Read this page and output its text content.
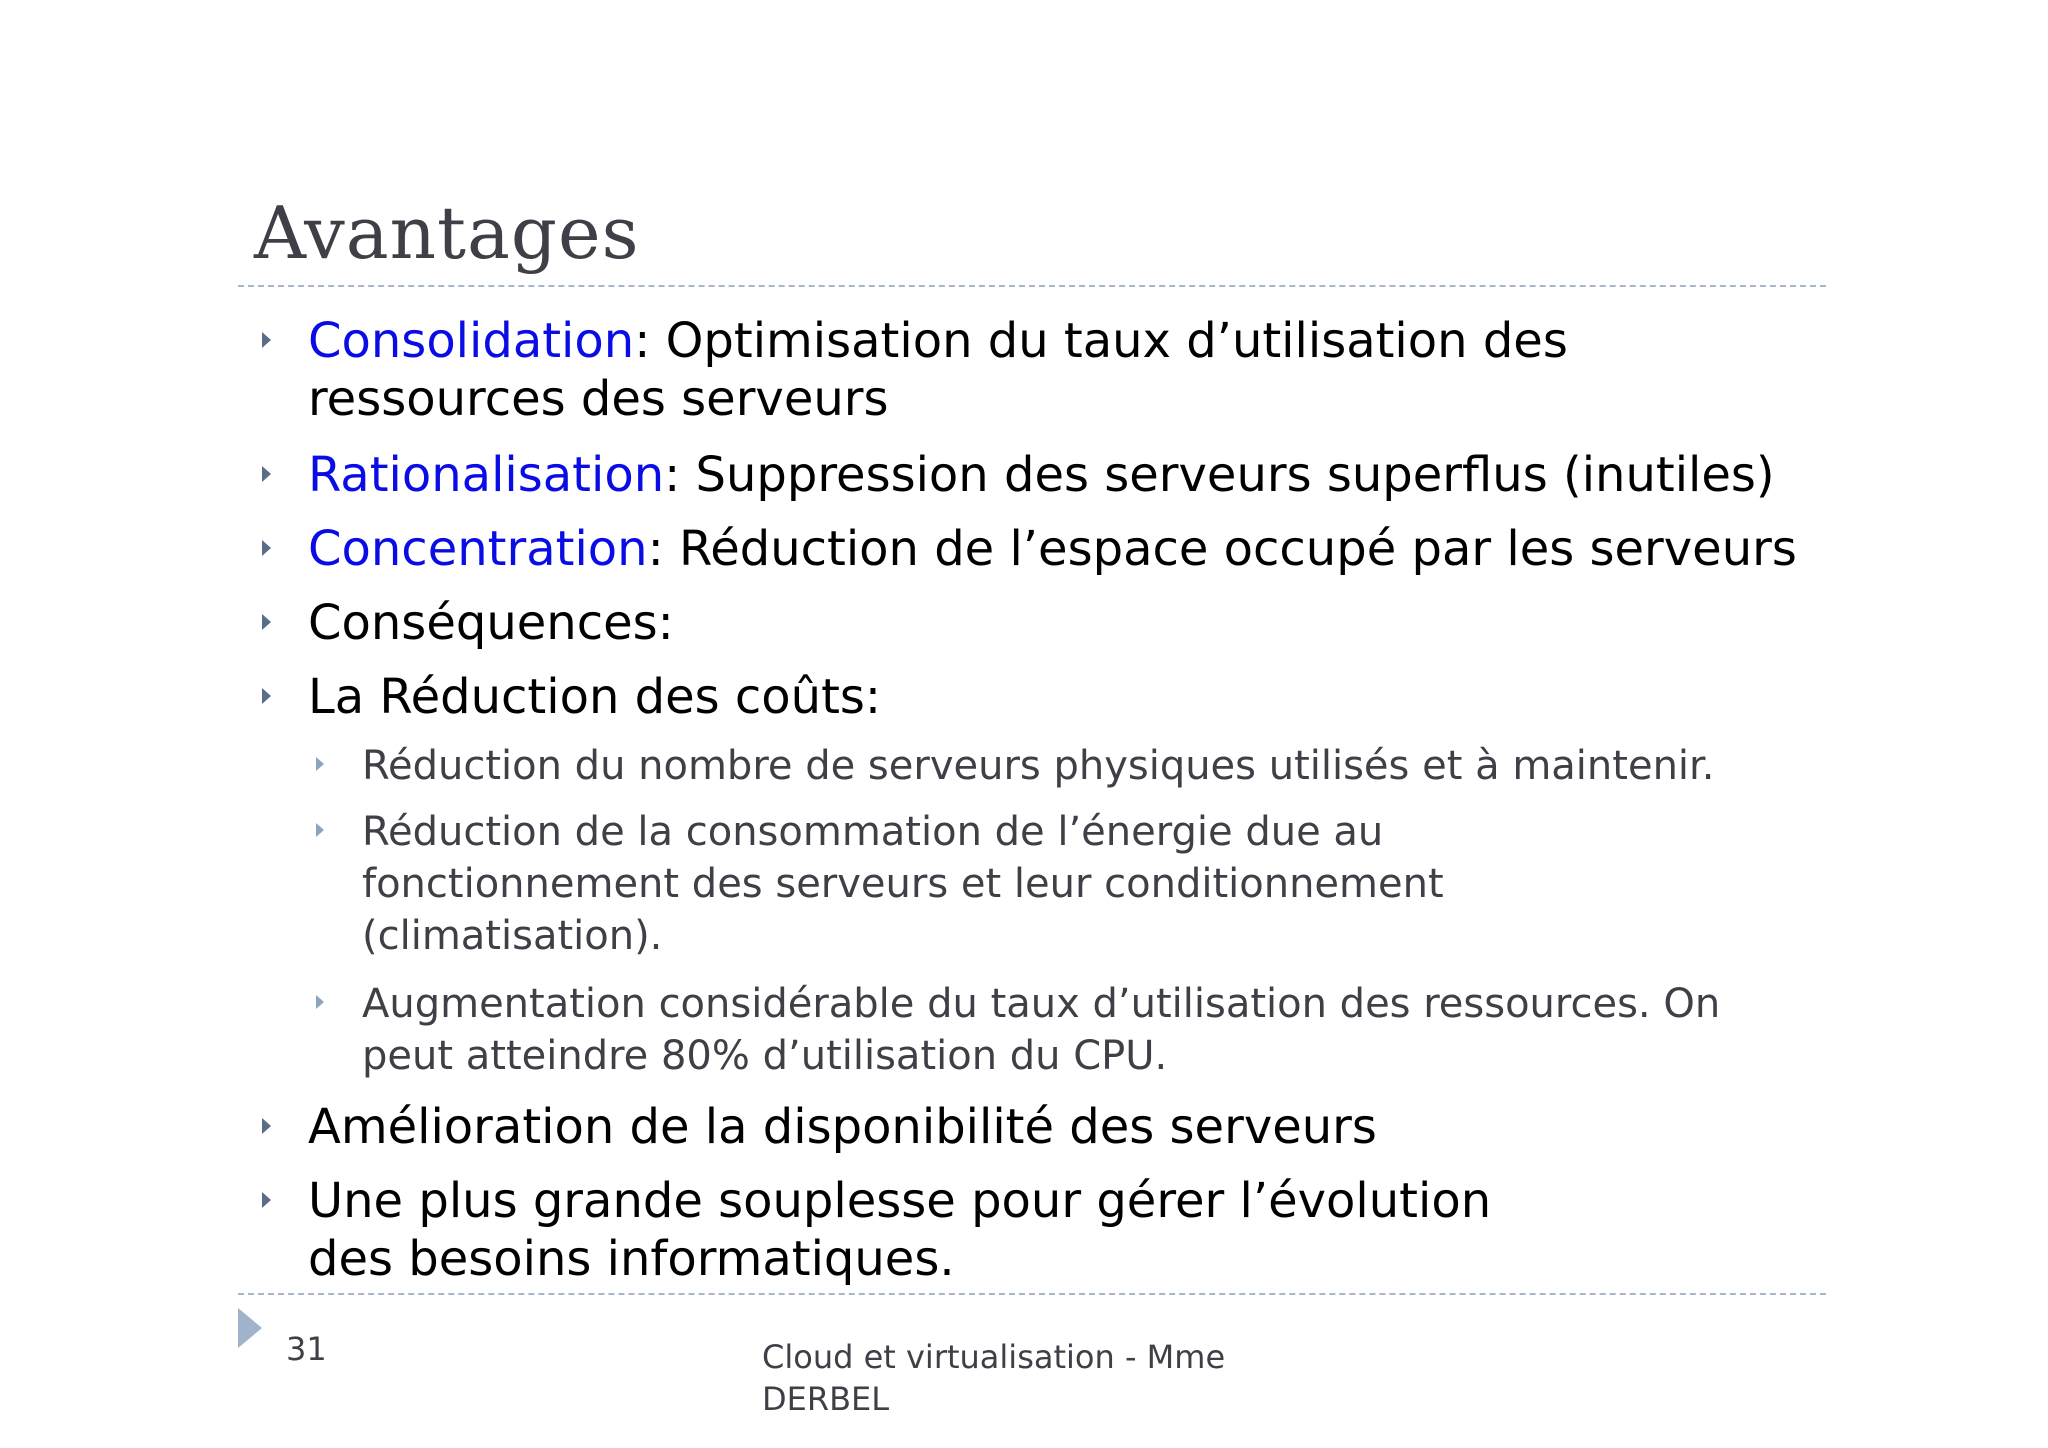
Avantages
Consolidation: Optimisation du taux d’utilisation des ressources des serveurs
Rationalisation: Suppression des serveurs superflus (inutiles)
Concentration: Réduction de l’espace occupé par les serveurs
Conséquences:
La Réduction des coûts:
Réduction du nombre de serveurs physiques utilisés et à maintenir.
Réduction de la consommation de l’énergie due au fonctionnement des serveurs et leur conditionnement (climatisation).
Augmentation considérable du taux d’utilisation des ressources. On peut atteindre 80% d’utilisation du CPU.
Amélioration de la disponibilité des serveurs
Une plus grande souplesse pour gérer l’évolution des besoins informatiques.
31	Cloud et virtualisation - Mme DERBEL
